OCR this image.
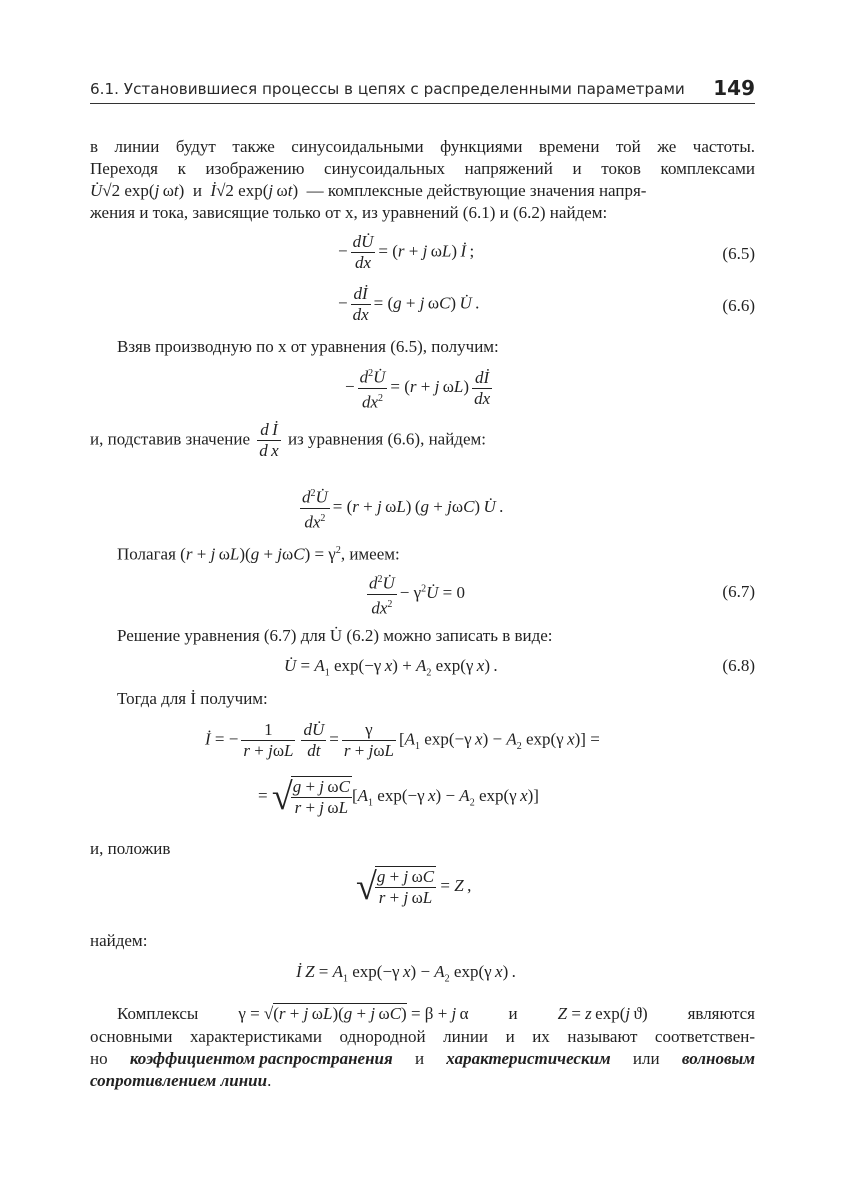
6.1. Установившиеся процессы в цепях с распределенными параметрами 149
в линии будут также синусоидальными функциями времени той же частоты.
Переходя к изображению синусоидальных напряжений и токов комплексами
U̇√2 exp(j ωt)  и  İ√2 exp(j ωt) — комплексные действующие значения напря-
жения и тока, зависящие только от x, из уравнений (6.1) и (6.2) найдем:
− $\frac{dU̇}{dx} = (r + j$ ωL) İ ;	(6.5)
− $\frac{dİ}{dx} = (g + j$ ωC) U̇ .	(6.6)
Взяв производную по x от уравнения (6.5), получим:
− $\frac{d^2U̇}{dx^2} = (r + j$ $\omega L) \frac{dİ}{dx}$
и, подставив значение $\frac{\text{d İ}}{\text{d x}}$ из уравнения (6.6), найдем:
$\frac{d^2U̇}{dx^2} = (r + j$ ωL) (g + jωC) U̇ .
Полагая (r + j $\omega L)(g + j\omega C) = \gamma^2$, имеем:
$\frac{d^2U̇}{dx^2}$ − $\gamma^2U̇ = 0$	(6.7)
Решение уравнения (6.7) для U̇ (6.2) можно записать в виде:
U̇ = $A_1$ exp(−γ $x) + A_2$ exp(γ x) .	(6.8)
Тогда для İ получим:
İ = − $\frac{1}{\text{r + jωL}} \frac{dU̇}{dt} = \frac{\gamma}{\text{r + jωL}} [A_1$ exp(−γ $x) - A_2$ exp(γ x)] =
= √
$\frac{\text{g + j ωC}}{\text{r + j ωL}} [A_1$ exp(−γ $x) - A_2$ exp(γ x)]
и, положив
√
$\frac{\text{g + j ωC}}{\text{r + j ωL}} = Z$ ,
найдем:
İ $Z = A_1$ exp(−γ $x) - A_2$ exp(γ x) .
Комплексы γ = √(r + j ωL)(g + j ωC) = β + j α и Z = z exp(j ϑ) являются
основными характеристиками однородной линии и их называют соответствен-
но коэффициентом распространения и характеристическим или волновым
сопротивлением линии.
